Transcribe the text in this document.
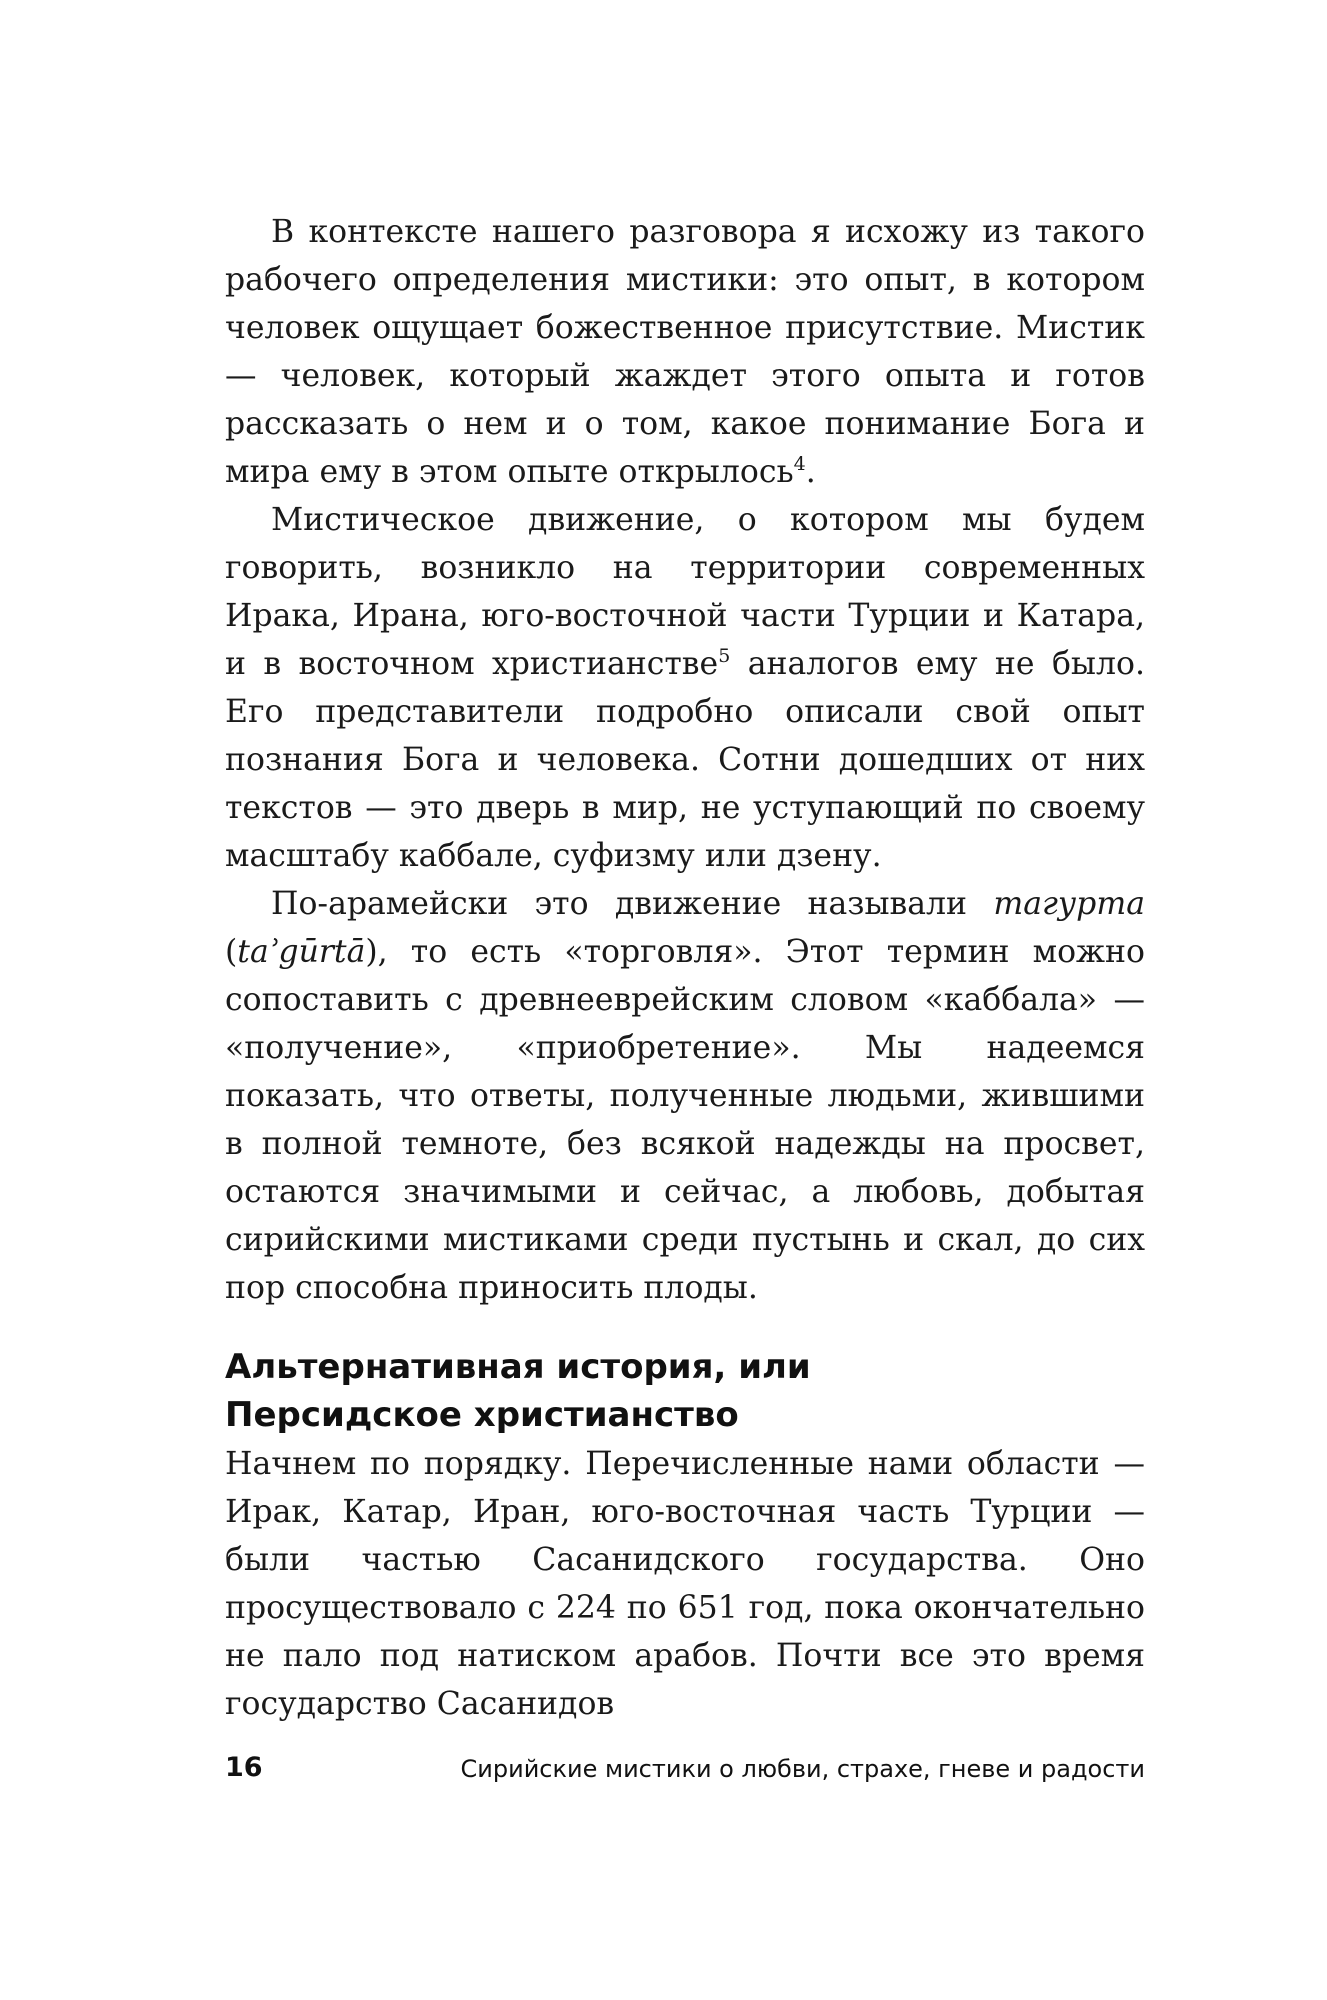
В контексте нашего разговора я исхожу из такого рабочего определения мистики: это опыт, в котором человек ощущает божественное присутствие. Мистик — человек, который жаждет этого опыта и готов рассказать о нем и о том, какое понимание Бога и мира ему в этом опыте открылось$^4$.

Мистическое движение, о котором мы будем говорить, возникло на территории современных Ирака, Ирана, юго-восточной части Турции и Катара, и в восточном христианстве$^5$ аналогов ему не было. Его представители подробно описали свой опыт познания Бога и человека. Сотни дошедших от них текстов — это дверь в мир, не уступающий по своему масштабу каббале, суфизму или дзену.

По-арамейски это движение называли тагурта (taʾgūrtā), то есть «торговля». Этот термин можно сопоставить с древнееврейским словом «каббала» — «получение», «приобретение». Мы надеемся показать, что ответы, полученные людьми, жившими в полной темноте, без всякой надежды на просвет, остаются значимыми и сейчас, а любовь, добытая сирийскими мистиками среди пустынь и скал, до сих пор способна приносить плоды.

Альтернативная история, или
Персидское христианство

Начнем по порядку. Перечисленные нами области — Ирак, Катар, Иран, юго-восточная часть Турции — были частью Сасанидского государства. Оно просуществовало с 224 по 651 год, пока окончательно не пало под натиском арабов. Почти все это время государство Сасанидов

16	Сирийские мистики о любви, страхе, гневе и радости
